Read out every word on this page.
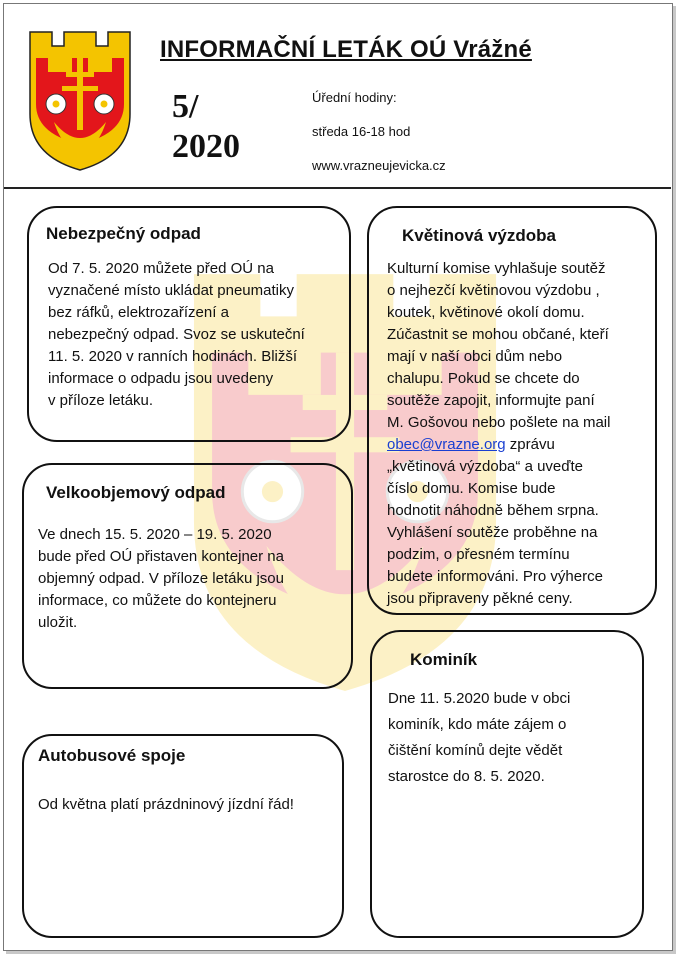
INFORMAČNÍ LETÁK OÚ Vrážné
5/
2020
Úřední hodiny:
středa 16-18 hod
www.vrazneujevicka.cz
Nebezpečný odpad
Od 7. 5. 2020 můžete před OÚ na
vyznačené místo ukládat pneumatiky
bez ráfků, elektrozařízení a
nebezpečný odpad. Svoz se uskuteční
11. 5. 2020 v ranních hodinách. Bližší
informace o odpadu jsou uvedeny
v příloze letáku.
Velkoobjemový odpad
Ve dnech 15. 5. 2020 – 19. 5. 2020
bude před OÚ přistaven kontejner na
objemný odpad. V příloze letáku jsou
informace, co můžete do kontejneru
uložit.
Autobusové spoje
Od května platí prázdninový jízdní řád!
Květinová výzdoba
Kulturní komise vyhlašuje soutěž
o nejhezčí květinovou výzdobu ,
koutek, květinové okolí domu.
Zúčastnit se mohou občané, kteří
mají v naší obci dům nebo
chalupu. Pokud se chcete do
soutěže zapojit, informujte paní
M. Gošovou nebo pošlete na mail
obec@vrazne.org zprávu
„květinová výzdoba“ a uveďte
číslo domu. Komise bude
hodnotit náhodně během srpna.
Vyhlášení soutěže proběhne na
podzim, o přesném termínu
budete informováni. Pro výherce
jsou připraveny pěkné ceny.
Kominík
Dne 11. 5.2020 bude v obci
kominík, kdo máte zájem o
čištění komínů dejte vědět
starostce do 8. 5. 2020.
